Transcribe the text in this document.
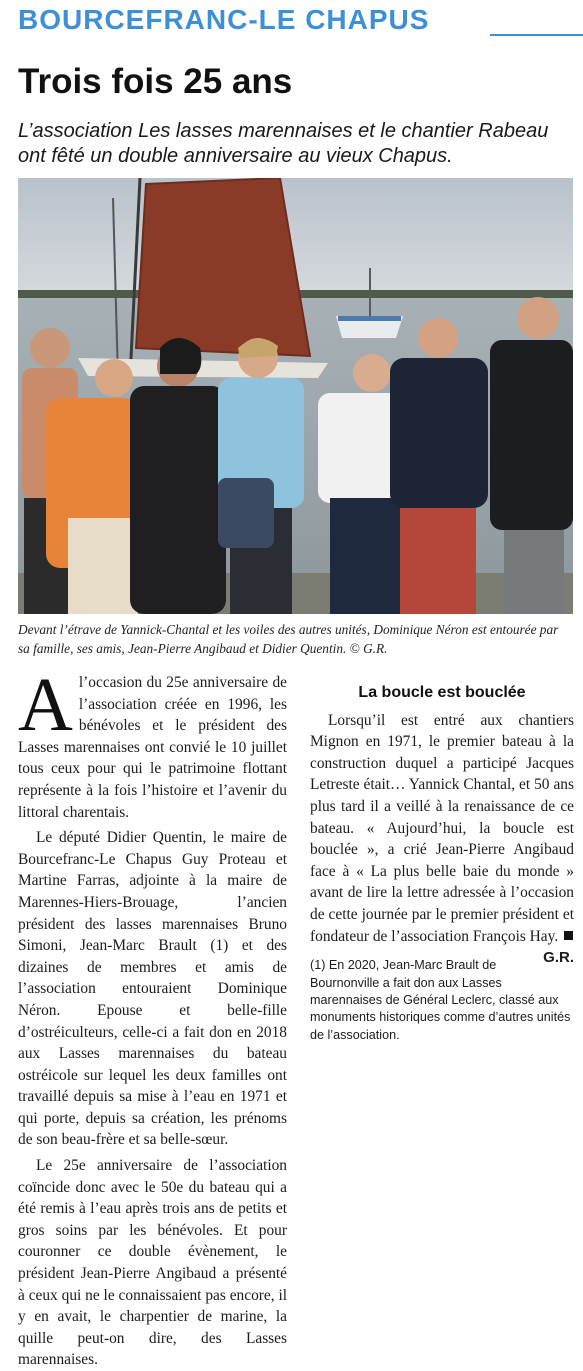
BOURCEFRANC-LE CHAPUS
Trois fois 25 ans
L’association Les lasses marennaises et le chantier Rabeau ont fêté un double anniversaire au vieux Chapus.
Devant l’étrave de Yannick-Chantal et les voiles des autres unités, Dominique Néron est entourée par sa famille, ses amis, Jean-Pierre Angibaud et Didier Quentin. © G.R.

Al’occasion du 25e anniversaire de l’association créée en 1996, les bénévoles et le président des Lasses marennaises ont convié le 10 juillet tous ceux pour qui le patrimoine flottant représente à la fois l’histoire et l’avenir du littoral charentais.

Le député Didier Quentin, le maire de Bourcefranc-Le Chapus Guy Proteau et Martine Farras, adjointe à la maire de Marennes-Hiers-Brouage, l’ancien président des lasses marennaises Bruno Simoni, Jean-Marc Brault (1) et des dizaines de membres et amis de l’association entouraient Dominique Néron. Epouse et belle-fille d’ostréiculteurs, celle-ci a fait don en 2018 aux Lasses marennaises du bateau ostréicole sur lequel les deux familles ont travaillé depuis sa mise à l’eau en 1971 et qui porte, depuis sa création, les prénoms de son beau-frère et sa belle-sœur.

Le 25e anniversaire de l’association coïncide donc avec le 50e du bateau qui a été remis à l’eau après trois ans de petits et gros soins par les bénévoles. Et pour couronner ce double évènement, le président Jean-Pierre Angibaud a présenté à ceux qui ne le connaissaient pas encore, il y en avait, le charpentier de marine, la quille peut-on dire, des Lasses marennaises.

La boucle est bouclée

Lorsqu’il est entré aux chantiers Mignon en 1971, le premier bateau à la construction duquel a participé Jacques Letreste était… Yannick Chantal, et 50 ans plus tard il a veillé à la renaissance de ce bateau. « Aujourd’hui, la boucle est bouclée », a crié Jean-Pierre Angibaud face à « La plus belle baie du monde » avant de lire la lettre adressée à l’occasion de cette journée par le premier président et fondateur de l’association François Hay.
G.R.

(1) En 2020, Jean-Marc Brault de Bournonville a fait don aux Lasses marennaises de Général Leclerc, classé aux monuments historiques comme d’autres unités de l’association.
